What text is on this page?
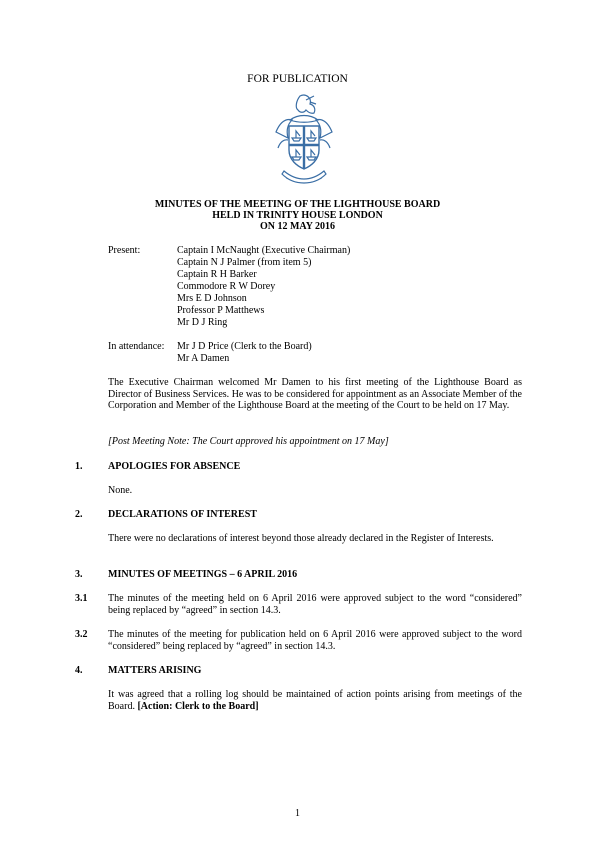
FOR PUBLICATION
MINUTES OF THE MEETING OF THE LIGHTHOUSE BOARD
HELD IN TRINITY HOUSE LONDON
ON 12 MAY 2016
Present:	Captain I McNaught (Executive Chairman)
Captain N J Palmer (from item 5)
Captain R H Barker
Commodore R W Dorey
Mrs E D Johnson
Professor P Matthews
Mr D J Ring
In attendance: Mr J D Price (Clerk to the Board)
Mr A Damen
The Executive Chairman welcomed Mr Damen to his first meeting of the Lighthouse Board as Director of Business Services. He was to be considered for appointment as an Associate Member of the Corporation and Member of the Lighthouse Board at the meeting of the Court to be held on 17 May.
[Post Meeting Note: The Court approved his appointment on 17 May]
1.	APOLOGIES FOR ABSENCE
None.
2.	DECLARATIONS OF INTEREST
There were no declarations of interest beyond those already declared in the Register of Interests.
3.	MINUTES OF MEETINGS – 6 APRIL 2016
3.1 The minutes of the meeting held on 6 April 2016 were approved subject to the word “considered” being replaced by “agreed” in section 14.3.
3.2 The minutes of the meeting for publication held on 6 April 2016 were approved subject to the word “considered” being replaced by “agreed” in section 14.3.
4.	MATTERS ARISING
It was agreed that a rolling log should be maintained of action points arising from meetings of the Board. [Action: Clerk to the Board]
1
